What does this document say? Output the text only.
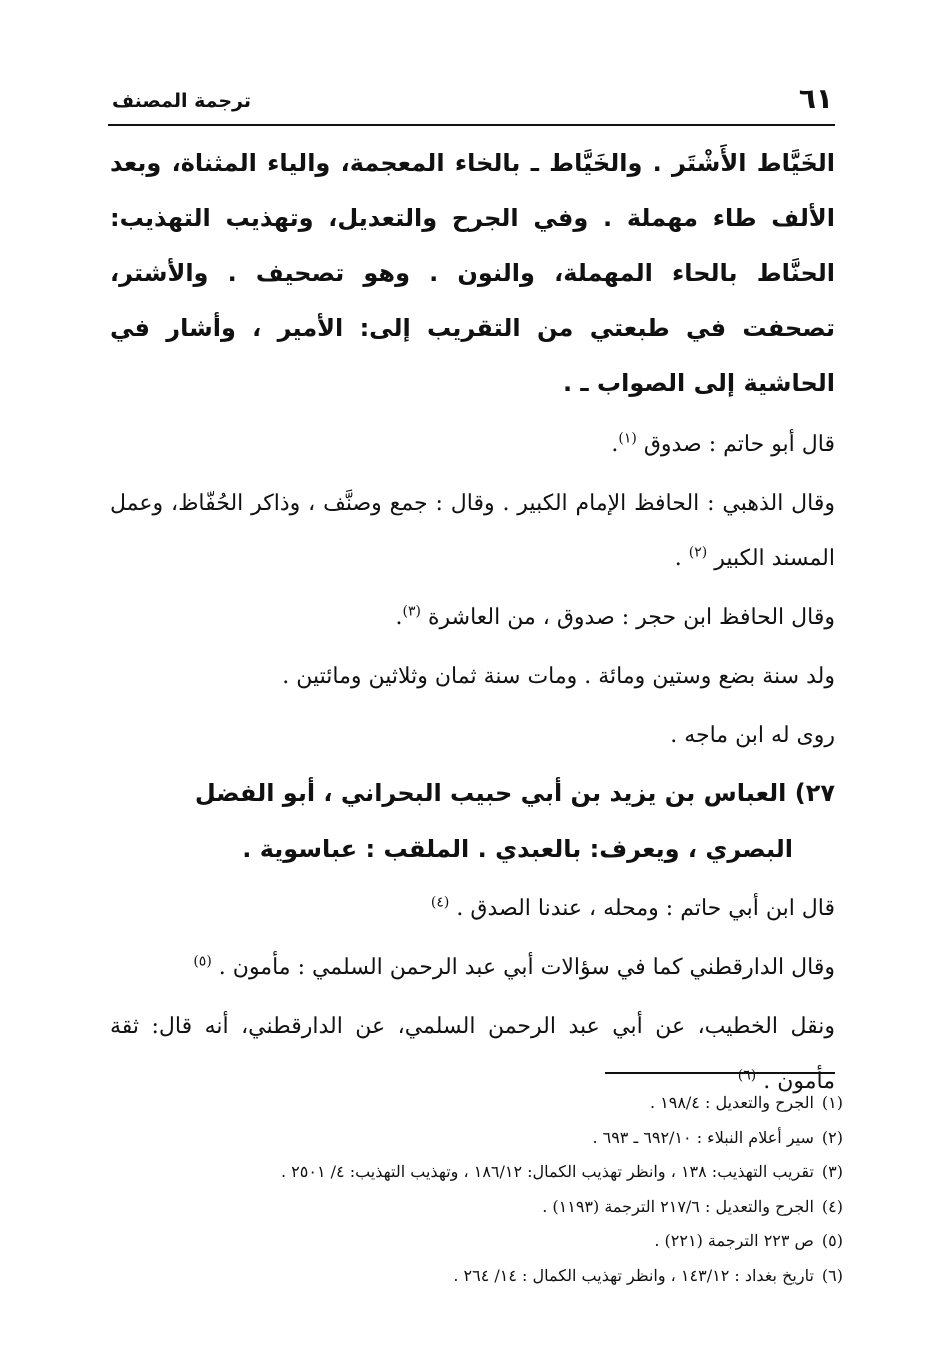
٦١
ترجمة المصنف

الخَيَّاط الأَشْتَر . والخَيَّاط ـ بالخاء المعجمة، والياء المثناة، وبعد الألف طاء مهملة . وفي الجرح والتعديل، وتهذيب التهذيب: الحنَّاط بالحاء المهملة، والنون . وهو تصحيف . والأشتر، تصحفت في طبعتي من التقريب إلى: الأمير ، وأشار في الحاشية إلى الصواب ـ .

قال أبو حاتم : صدوق $^{(١)}$.

وقال الذهبي : الحافظ الإمام الكبير . وقال : جمع وصنَّف ، وذاكر الحُفّاظ، وعمل المسند الكبير $^{(٢)}$ .

وقال الحافظ ابن حجر : صدوق ، من العاشرة $^{(٣)}$.

ولد سنة بضع وستين ومائة . ومات سنة ثمان وثلاثين ومائتين .

روى له ابن ماجه .

٢٧) العباس بن يزيد بن أبي حبيب البحراني ، أبو الفضل البصري ، ويعرف: بالعبدي . الملقب : عباسوية .

قال ابن أبي حاتم : ومحله ، عندنا الصدق . $^{(٤)}$

وقال الدارقطني كما في سؤالات أبي عبد الرحمن السلمي : مأمون . $^{(٥)}$

ونقل الخطيب، عن أبي عبد الرحمن السلمي، عن الدارقطني، أنه قال: ثقة مأمون . $^{(٦)}$

(١)الجرح والتعديل : ١٩٨/٤ .
(٢)سير أعلام النبلاء : ٦٩٢/١٠ ـ ٦٩٣ .
(٣)تقريب التهذيب: ١٣٨ ، وانظر تهذيب الكمال: ١٨٦/١٢ ، وتهذيب التهذيب: ٤/ ٢٥٠١ .
(٤)الجرح والتعديل : ٢١٧/٦ الترجمة (١١٩٣) .
(٥)ص ٢٢٣ الترجمة (٢٢١) .
(٦)تاريخ بغداد : ١٤٣/١٢ ، وانظر تهذيب الكمال : ١٤/ ٢٦٤ .
